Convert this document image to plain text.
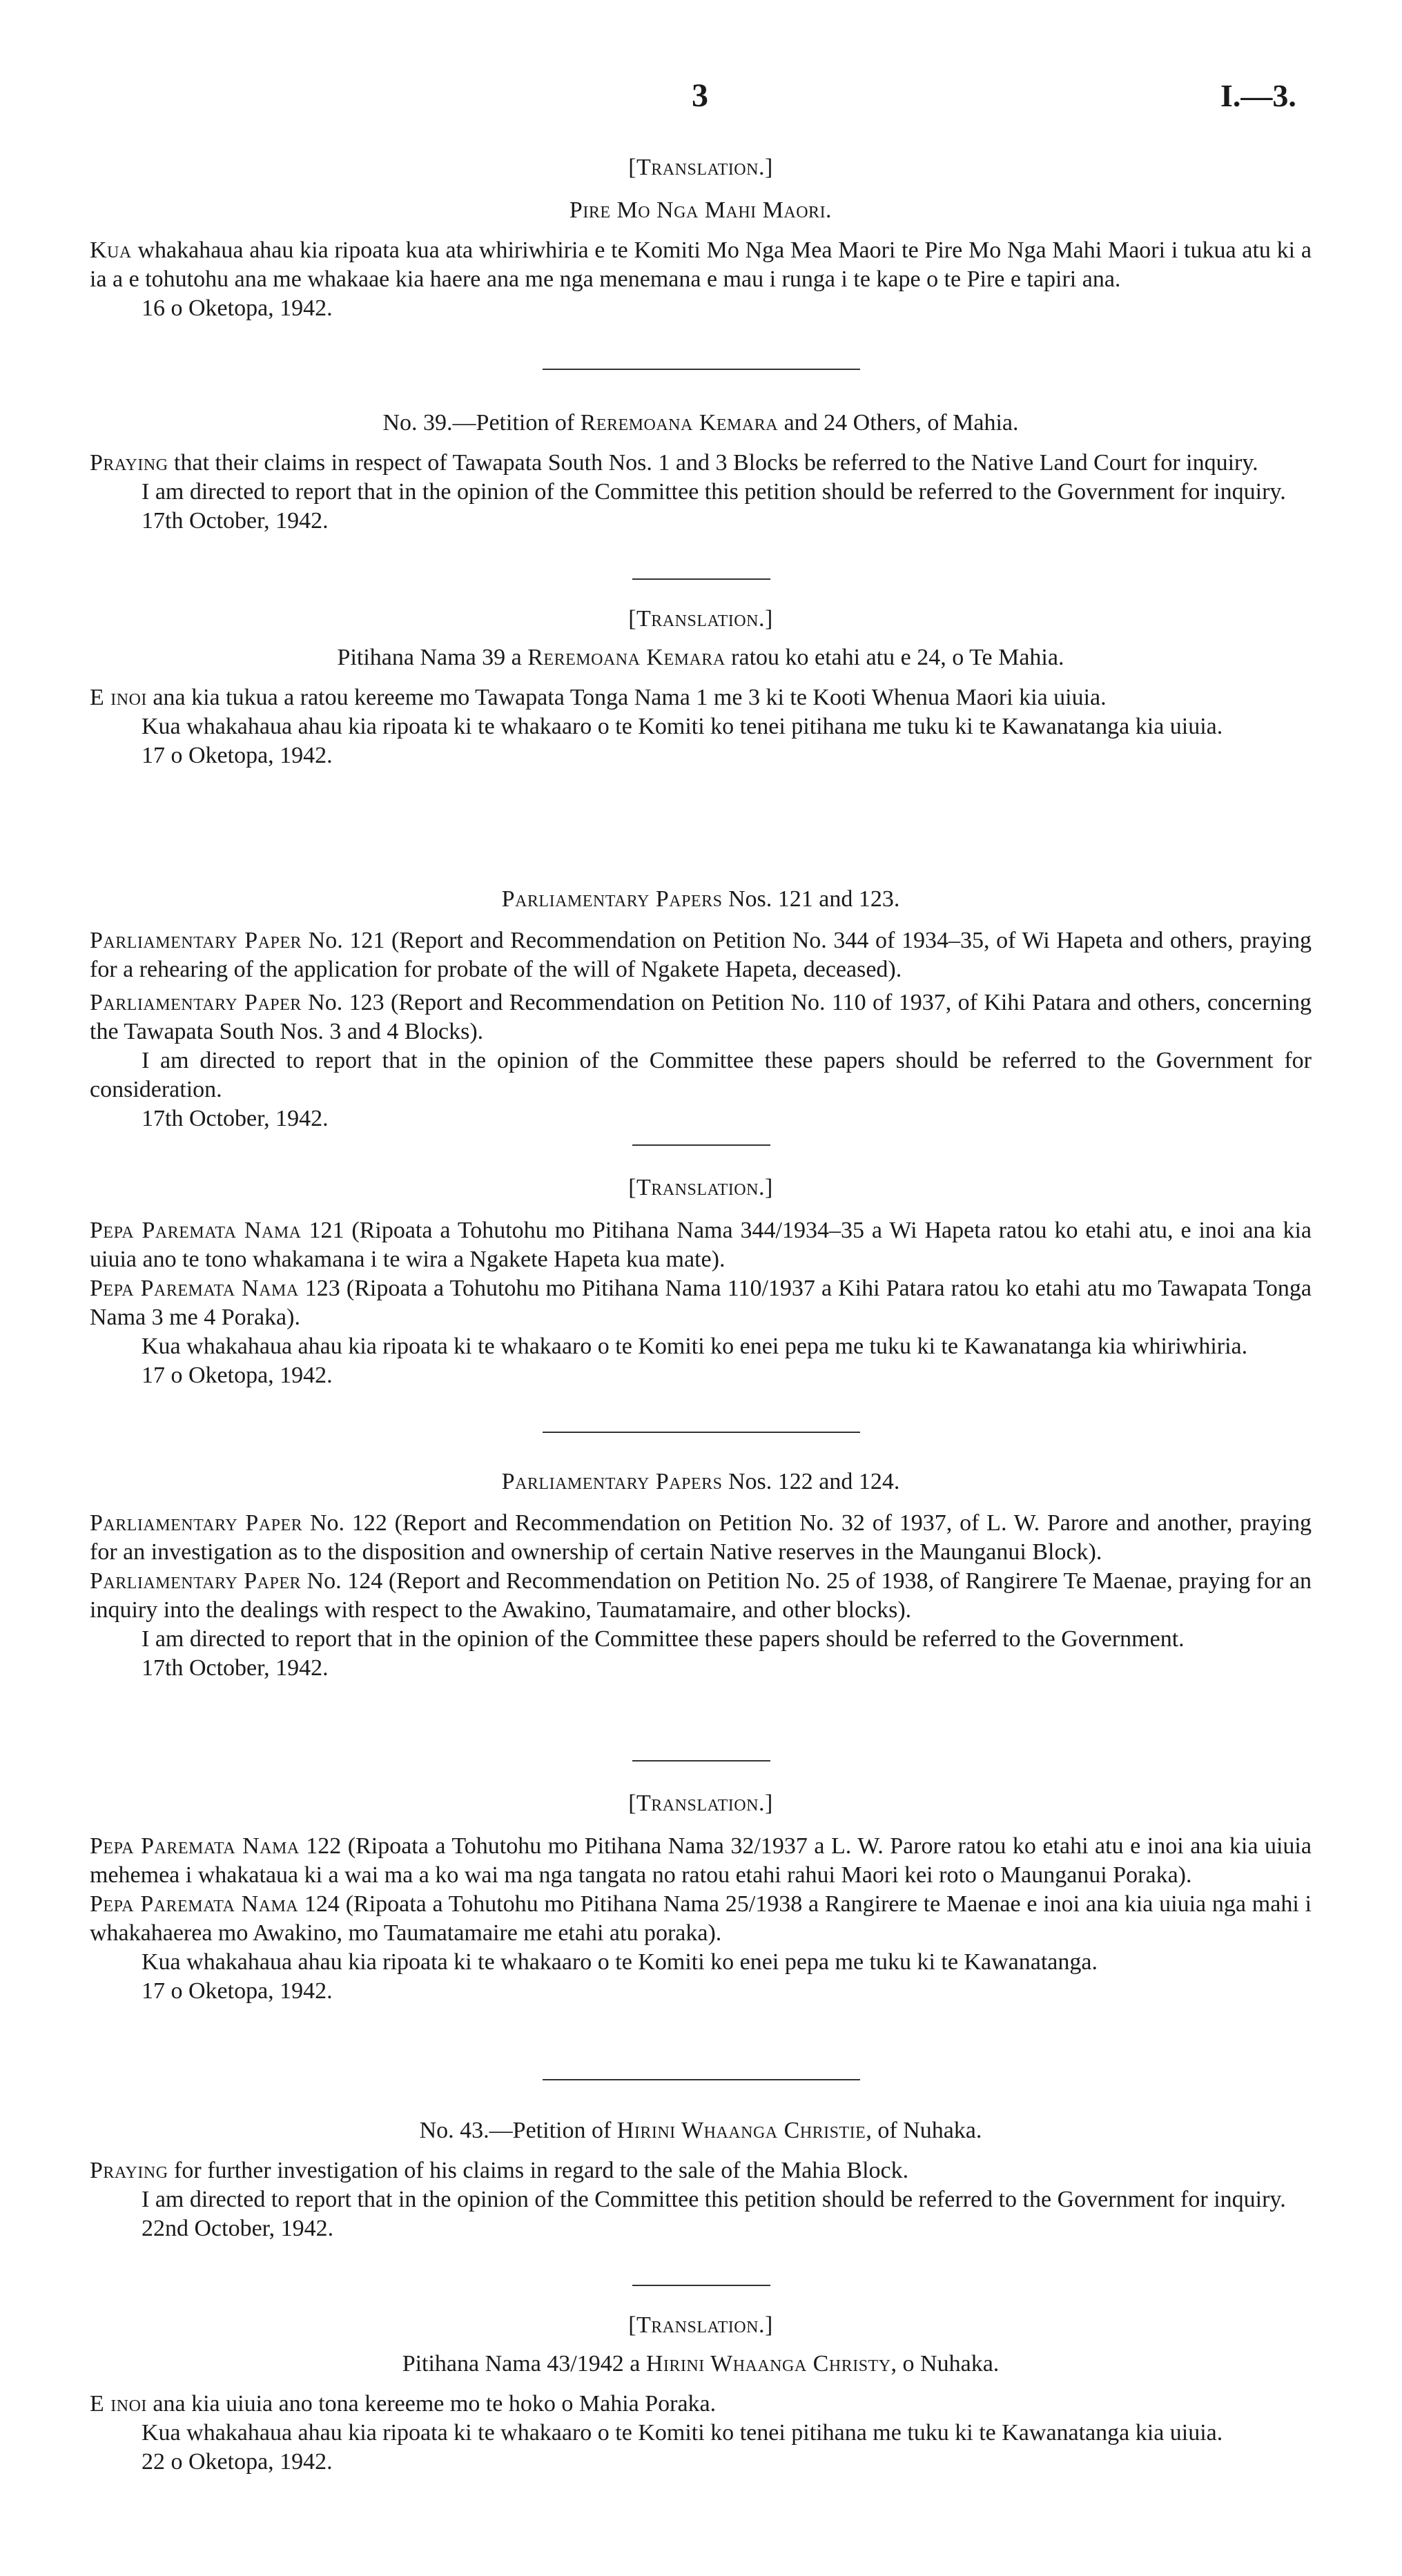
3	I.—3.
[Translation.]
Pire Mo Nga Mahi Maori.

Kua whakahaua ahau kia ripoata kua ata whiriwhiria e te Komiti Mo Nga Mea Maori te Pire Mo Nga Mahi Maori i tukua atu ki a ia a e tohutohu ana me whakaae kia haere ana me nga menemana e mau i runga i te kape o te Pire e tapiri ana.

16 o Oketopa, 1942.

No. 39.—Petition of Reremoana Kemara and 24 Others, of Mahia.

Praying that their claims in respect of Tawapata South Nos. 1 and 3 Blocks be referred to the Native Land Court for inquiry.

I am directed to report that in the opinion of the Committee this petition should be referred to the Government for inquiry.

17th October, 1942.

[Translation.]
Pitihana Nama 39 a Reremoana Kemara ratou ko etahi atu e 24, o Te Mahia.

E inoi ana kia tukua a ratou kereeme mo Tawapata Tonga Nama 1 me 3 ki te Kooti Whenua Maori kia uiuia.

Kua whakahaua ahau kia ripoata ki te whakaaro o te Komiti ko tenei pitihana me tuku ki te Kawanatanga kia uiuia.

17 o Oketopa, 1942.

Parliamentary Papers Nos. 121 and 123.

Parliamentary Paper No. 121 (Report and Recommendation on Petition No. 344 of 1934–35, of Wi Hapeta and others, praying for a rehearing of the application for probate of the will of Ngakete Hapeta, deceased).

Parliamentary Paper No. 123 (Report and Recommendation on Petition No. 110 of 1937, of Kihi Patara and others, concerning the Tawapata South Nos. 3 and 4 Blocks).

I am directed to report that in the opinion of the Committee these papers should be referred to the Government for consideration.

17th October, 1942.

[Translation.]

Pepa Paremata Nama 121 (Ripoata a Tohutohu mo Pitihana Nama 344/1934–35 a Wi Hapeta ratou ko etahi atu, e inoi ana kia uiuia ano te tono whakamana i te wira a Ngakete Hapeta kua mate).

Pepa Paremata Nama 123 (Ripoata a Tohutohu mo Pitihana Nama 110/1937 a Kihi Patara ratou ko etahi atu mo Tawapata Tonga Nama 3 me 4 Poraka).

Kua whakahaua ahau kia ripoata ki te whakaaro o te Komiti ko enei pepa me tuku ki te Kawanatanga kia whiriwhiria.

17 o Oketopa, 1942.

Parliamentary Papers Nos. 122 and 124.

Parliamentary Paper No. 122 (Report and Recommendation on Petition No. 32 of 1937, of L. W. Parore and another, praying for an investigation as to the disposition and ownership of certain Native reserves in the Maunganui Block).

Parliamentary Paper No. 124 (Report and Recommendation on Petition No. 25 of 1938, of Rangirere Te Maenae, praying for an inquiry into the dealings with respect to the Awakino, Taumatamaire, and other blocks).

I am directed to report that in the opinion of the Committee these papers should be referred to the Government.

17th October, 1942.

[Translation.]

Pepa Paremata Nama 122 (Ripoata a Tohutohu mo Pitihana Nama 32/1937 a L. W. Parore ratou ko etahi atu e inoi ana kia uiuia mehemea i whakataua ki a wai ma a ko wai ma nga tangata no ratou etahi rahui Maori kei roto o Maunganui Poraka).

Pepa Paremata Nama 124 (Ripoata a Tohutohu mo Pitihana Nama 25/1938 a Rangirere te Maenae e inoi ana kia uiuia nga mahi i whakahaerea mo Awakino, mo Taumatamaire me etahi atu poraka).

Kua whakahaua ahau kia ripoata ki te whakaaro o te Komiti ko enei pepa me tuku ki te Kawanatanga.

17 o Oketopa, 1942.

No. 43.—Petition of Hirini Whaanga Christie, of Nuhaka.

Praying for further investigation of his claims in regard to the sale of the Mahia Block.

I am directed to report that in the opinion of the Committee this petition should be referred to the Government for inquiry.

22nd October, 1942.

[Translation.]
Pitihana Nama 43/1942 a Hirini Whaanga Christy, o Nuhaka.

E inoi ana kia uiuia ano tona kereeme mo te hoko o Mahia Poraka.

Kua whakahaua ahau kia ripoata ki te whakaaro o te Komiti ko tenei pitihana me tuku ki te Kawanatanga kia uiuia.

22 o Oketopa, 1942.
